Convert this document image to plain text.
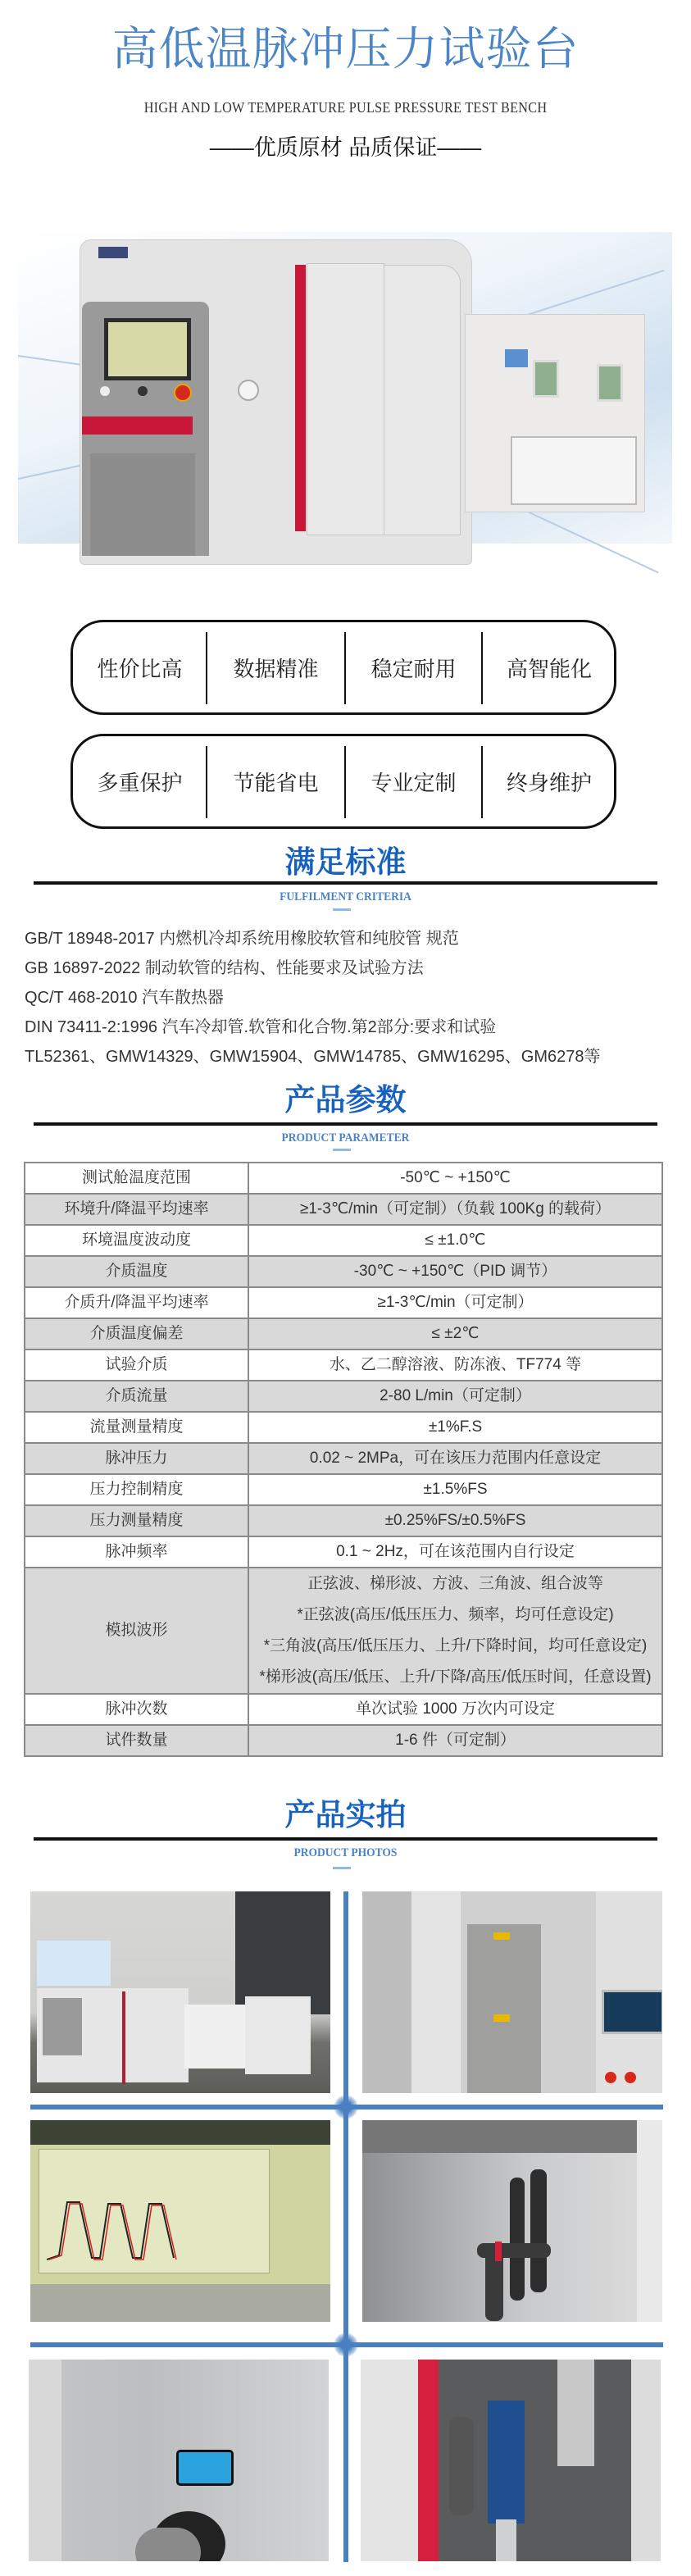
高低温脉冲压力试验台
HIGH AND LOW TEMPERATURE PULSE PRESSURE TEST BENCH
——优质原材 品质保证——
性价比高	数据精准	稳定耐用	高智能化
多重保护	节能省电	专业定制	终身维护
满足标准
FULFILMENT CRITERIA
GB/T 18948-2017 内燃机冷却系统用橡胶软管和纯胶管 规范
GB 16897-2022 制动软管的结构、性能要求及试验方法
QC/T 468-2010 汽车散热器
DIN 73411-2:1996 汽车冷却管.软管和化合物.第2部分:要求和试验
TL52361、GMW14329、GMW15904、GMW14785、GMW16295、GM6278等
产品参数
PRODUCT PARAMETER
测试舱温度范围	-50℃ ~ +150℃
环境升/降温平均速率	≥1-3℃/min（可定制）（负载 100Kg 的载荷）
环境温度波动度	≤ ±1.0℃
介质温度	-30℃ ~ +150℃（PID 调节）
介质升/降温平均速率	≥1-3℃/min（可定制）
介质温度偏差	≤ ±2℃
试验介质	水、乙二醇溶液、防冻液、TF774 等
介质流量	2-80 L/min（可定制）
流量测量精度	±1%F.S
脉冲压力	0.02 ~ 2MPa，可在该压力范围内任意设定
压力控制精度	±1.5%FS
压力测量精度	±0.25%FS/±0.5%FS
脉冲频率	0.1 ~ 2Hz，可在该范围内自行设定
模拟波形	正弦波、梯形波、方波、三角波、组合波等
*正弦波(高压/低压压力、频率，均可任意设定)
*三角波(高压/低压压力、上升/下降时间，均可任意设定)
*梯形波(高压/低压、上升/下降/高压/低压时间，任意设置)

脉冲次数	单次试验 1000 万次内可设定
试件数量	1-6 件（可定制）
产品实拍
PRODUCT PHOTOS
